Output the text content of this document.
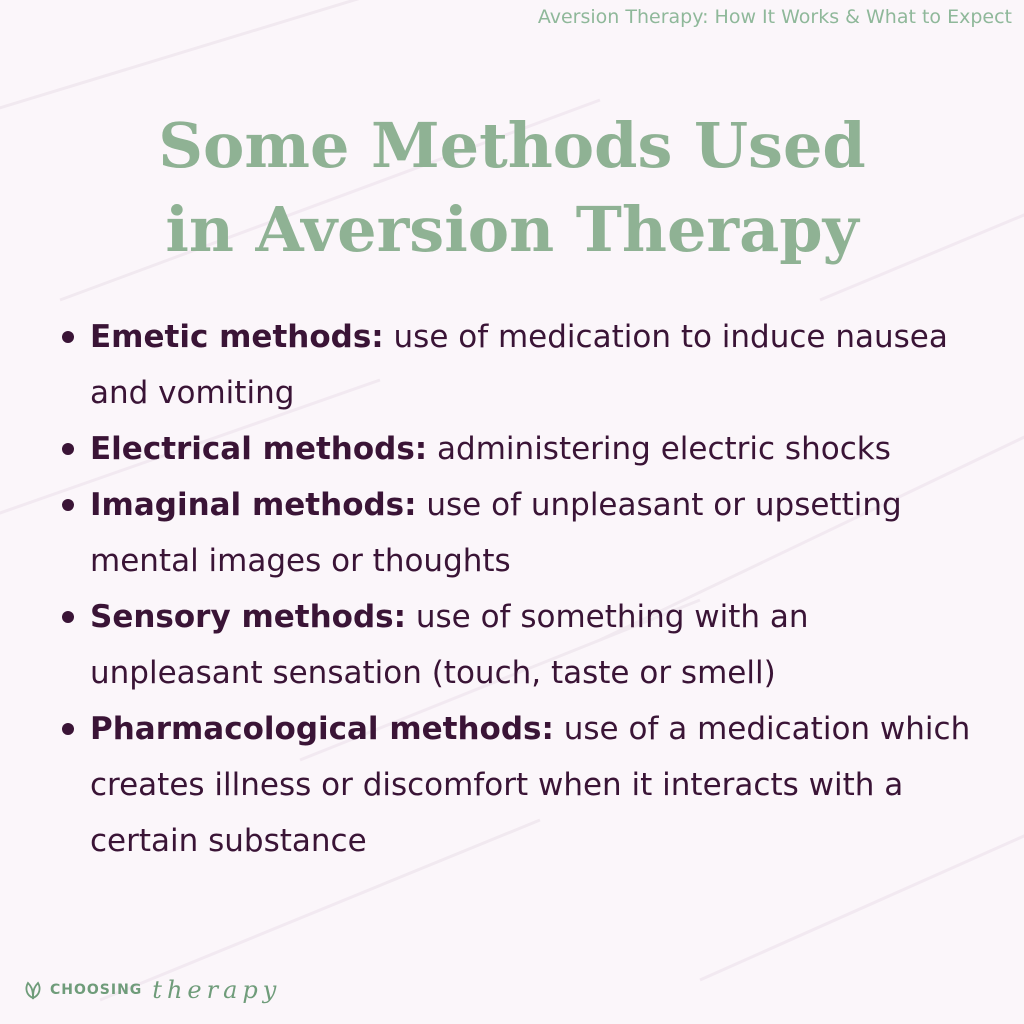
Aversion Therapy: How It Works & What to Expect
Some Methods Used
in Aversion Therapy
Emetic methods: use of medication to induce nausea and vomiting
Electrical methods: administering electric shocks
Imaginal methods: use of unpleasant or upsetting mental images or thoughts
Sensory methods: use of something with an unpleasant sensation (touch, taste or smell)
Pharmacological methods: use of a medication which creates illness or discomfort when it interacts with a certain substance
CHOOSING therapy
